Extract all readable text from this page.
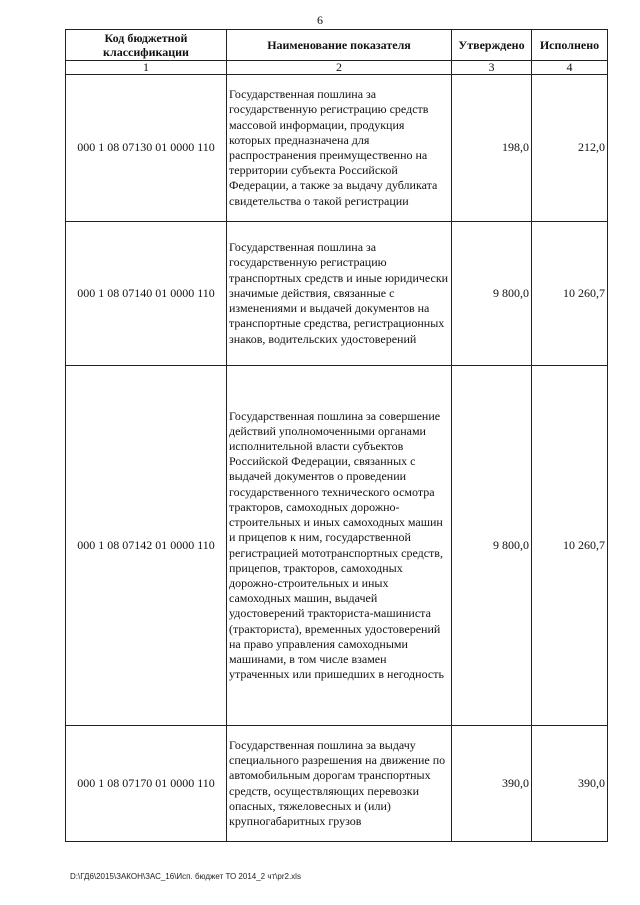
6
Код бюджетной классификации	Наименование показателя	Утверждено	Исполнено
1	2	3	4
000 1 08 07130 01 0000 110	Государственная пошлина за государственную регистрацию средств массовой информации, продукция которых предназначена для распространения преимущественно на территории субъекта Российской Федерации, а также за выдачу дубликата свидетельства о такой регистрации	198,0	212,0
000 1 08 07140 01 0000 110	Государственная пошлина за государственную регистрацию транспортных средств и иные юридически значимые действия, связанные с изменениями и выдачей документов на транспортные средства, регистрационных знаков, водительских удостоверений	9 800,0	10 260,7
000 1 08 07142 01 0000 110	Государственная пошлина за совершение действий уполномоченными органами исполнительной власти субъектов Российской Федерации, связанных с выдачей документов о проведении государственного технического осмотра тракторов, самоходных дорожно-строительных и иных самоходных машин и прицепов к ним, государственной регистрацией мототранспортных средств, прицепов, тракторов, самоходных дорожно-строительных и иных самоходных машин, выдачей удостоверений тракториста-машиниста (тракториста), временных удостоверений на право управления самоходными машинами, в том числе взамен утраченных или пришедших в негодность	9 800,0	10 260,7
000 1 08 07170 01 0000 110	Государственная пошлина за выдачу специального разрешения на движение по автомобильным дорогам транспортных средств, осуществляющих перевозки опасных, тяжеловесных и (или) крупногабаритных грузов	390,0	390,0
D:\ГД6\2015\ЗАКОН\ЗАС_16\Исп. бюджет ТО 2014_2 чт\pr2.xls
